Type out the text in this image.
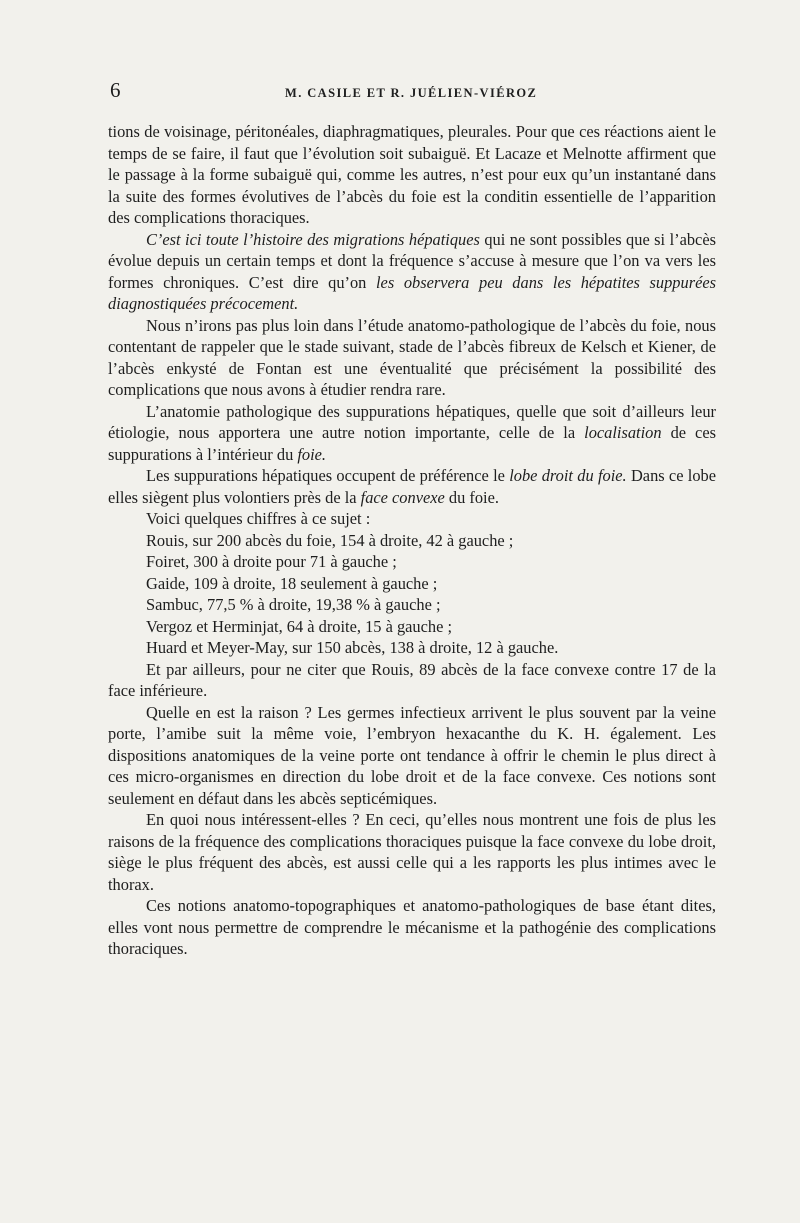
6	M. CASILE ET R. JUÉLIEN-VIÉROZ

tions de voisinage, péritonéales, diaphragmatiques, pleurales. Pour que ces réactions aient le temps de se faire, il faut que l’évolution soit subaiguë. Et Lacaze et Melnotte affirment que le passage à la forme subaiguë qui, comme les autres, n’est pour eux qu’un instantané dans la suite des formes évolutives de l’abcès du foie est la conditin essentielle de l’apparition des complications thoraciques.

C’est ici toute l’histoire des migrations hépatiques qui ne sont possibles que si l’abcès évolue depuis un certain temps et dont la fréquence s’accuse à mesure que l’on va vers les formes chroniques. C’est dire qu’on les observera peu dans les hépatites suppurées diagnostiquées précocement.

Nous n’irons pas plus loin dans l’étude anatomo-pathologique de l’abcès du foie, nous contentant de rappeler que le stade suivant, stade de l’abcès fibreux de Kelsch et Kiener, de l’abcès enkysté de Fontan est une éventualité que précisément la possibilité des complications que nous avons à étudier rendra rare.

L’anatomie pathologique des suppurations hépatiques, quelle que soit d’ailleurs leur étiologie, nous apportera une autre notion importante, celle de la localisation de ces suppurations à l’intérieur du foie.

Les suppurations hépatiques occupent de préférence le lobe droit du foie. Dans ce lobe elles siègent plus volontiers près de la face convexe du foie.

Voici quelques chiffres à ce sujet :

Rouis, sur 200 abcès du foie, 154 à droite, 42 à gauche ;

Foiret, 300 à droite pour 71 à gauche ;

Gaide, 109 à droite, 18 seulement à gauche ;

Sambuc, 77,5 % à droite, 19,38 % à gauche ;

Vergoz et Herminjat, 64 à droite, 15 à gauche ;

Huard et Meyer-May, sur 150 abcès, 138 à droite, 12 à gauche.

Et par ailleurs, pour ne citer que Rouis, 89 abcès de la face convexe contre 17 de la face inférieure.

Quelle en est la raison ? Les germes infectieux arrivent le plus souvent par la veine porte, l’amibe suit la même voie, l’embryon hexacanthe du K. H. également. Les dispositions anatomiques de la veine porte ont tendance à offrir le chemin le plus direct à ces micro-organismes en direction du lobe droit et de la face convexe. Ces notions sont seulement en défaut dans les abcès septicémiques.

En quoi nous intéressent-elles ? En ceci, qu’elles nous montrent une fois de plus les raisons de la fréquence des complications thoraciques puisque la face convexe du lobe droit, siège le plus fréquent des abcès, est aussi celle qui a les rapports les plus intimes avec le thorax.

Ces notions anatomo-topographiques et anatomo-pathologiques de base étant dites, elles vont nous permettre de comprendre le mécanisme et la pathogénie des complications thoraciques.
